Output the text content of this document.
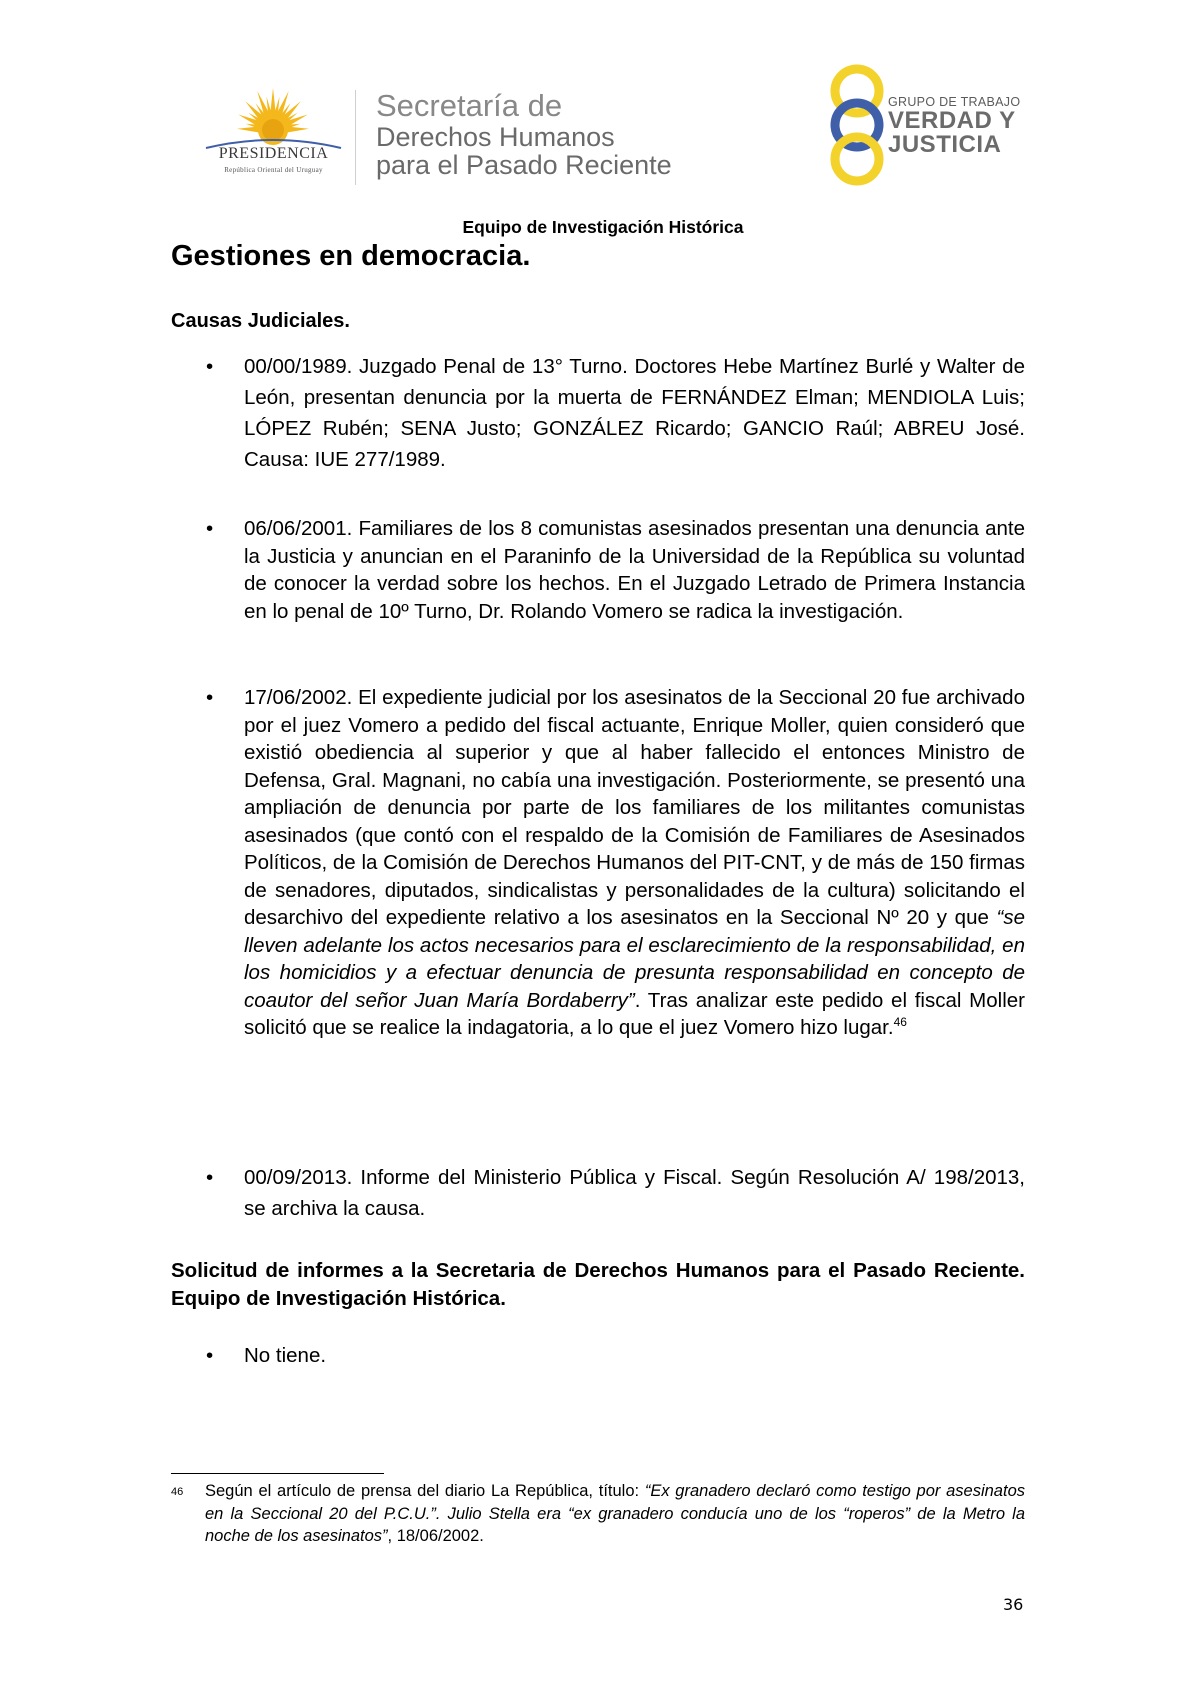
PRESIDENCIA
República Oriental del Uruguay
Secretaría de
Derechos Humanos
para el Pasado Reciente
GRUPO DE TRABAJO
VERDAD Y
JUSTICIA
Equipo de Investigación Histórica
Gestiones en democracia.
Causas Judiciales.
• 00/00/1989. Juzgado Penal de 13° Turno. Doctores Hebe Martínez Burlé y Walter de León, presentan denuncia por la muerta de FERNÁNDEZ Elman; MENDIOLA Luis; LÓPEZ Rubén; SENA Justo; GONZÁLEZ Ricardo; GANCIO Raúl; ABREU José. Causa: IUE 277/1989.
• 06/06/2001. Familiares de los 8 comunistas asesinados presentan una denuncia ante la Justicia y anuncian en el Paraninfo de la Universidad de la República su voluntad de conocer la verdad sobre los hechos. En el Juzgado Letrado de Primera Instancia en lo penal de 10º Turno, Dr. Rolando Vomero se radica la investigación.
• 17/06/2002. El expediente judicial por los asesinatos de la Seccional 20 fue archivado por el juez Vomero a pedido del fiscal actuante, Enrique Moller, quien consideró que existió obediencia al superior y que al haber fallecido el entonces Ministro de Defensa, Gral. Magnani, no cabía una investigación. Posteriormente, se presentó una ampliación de denuncia por parte de los familiares de los militantes comunistas asesinados (que contó con el respaldo de la Comisión de Familiares de Asesinados Políticos, de la Comisión de Derechos Humanos del PIT-CNT, y de más de 150 firmas de senadores, diputados, sindicalistas y personalidades de la cultura) solicitando el desarchivo del expediente relativo a los asesinatos en la Seccional Nº 20 y que “se lleven adelante los actos necesarios para el esclarecimiento de la responsabilidad, en los homicidios y a efectuar denuncia de presunta responsabilidad en concepto de coautor del señor Juan María Bordaberry”. Tras analizar este pedido el fiscal Moller solicitó que se realice la indagatoria, a lo que el juez Vomero hizo lugar.$^{46}$
• 00/09/2013. Informe del Ministerio Pública y Fiscal. Según Resolución A/ 198/2013, se archiva la causa.
Solicitud de informes a la Secretaria de Derechos Humanos para el Pasado Reciente. Equipo de Investigación Histórica.
• No tiene.
46 Según el artículo de prensa del diario La República, título: “Ex granadero declaró como testigo por asesinatos en la Seccional 20 del P.C.U.”. Julio Stella era “ex granadero conducía uno de los “roperos” de la Metro la noche de los asesinatos”, 18/06/2002.
36
